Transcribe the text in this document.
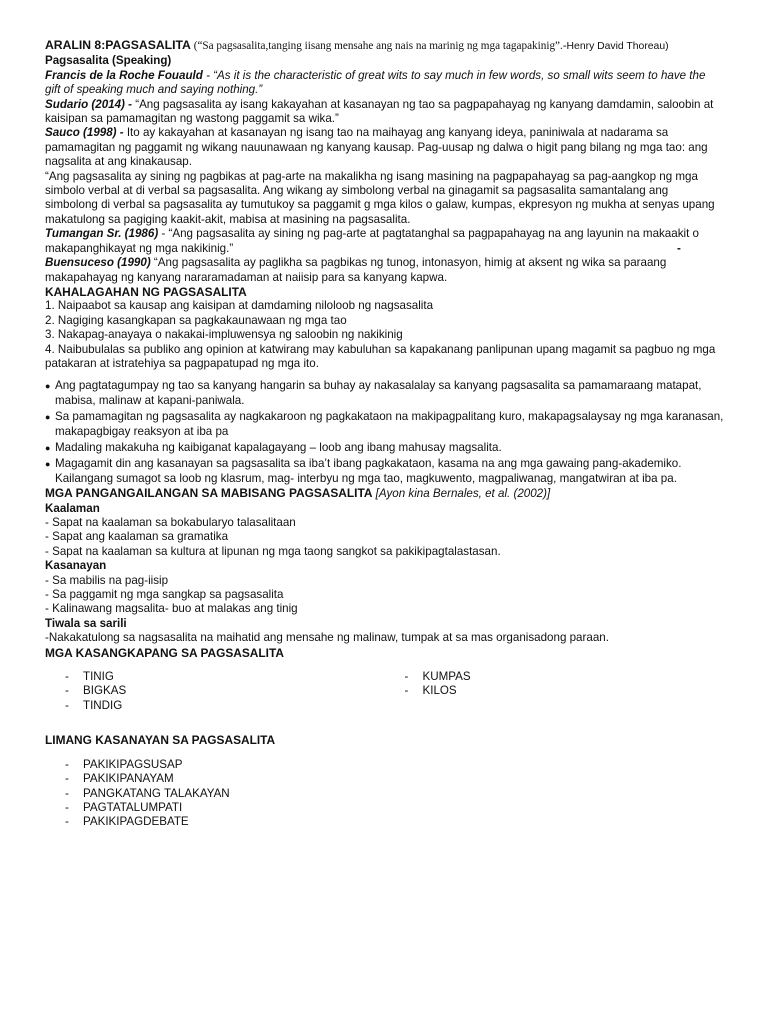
ARALIN 8:PAGSASALITA (“Sa pagsasalita,tanging iisang mensahe ang nais na marinig ng mga tagapakinig”.-Henry David Thoreau)
Pagsasalita (Speaking)
Francis de la Roche Fouauld - “As it is the characteristic of great wits to say much in few words, so small wits seem to have the gift of speaking much and saying nothing.”
Sudario (2014) - “Ang pagsasalita ay isang kakayahan at kasanayan ng tao sa pagpapahayag ng kanyang damdamin, saloobin at kaisipan sa pamamagitan ng wastong paggamit sa wika.”
Sauco (1998) - Ito ay kakayahan at kasanayan ng isang tao na maihayag ang kanyang ideya, paniniwala at nadarama sa pamamagitan ng paggamit ng wikang nauunawaan ng kanyang kausap. Pag-uusap ng dalwa o higit pang bilang ng mga tao: ang nagsalita at ang kinakausap.
“Ang pagsasalita ay sining ng pagbikas at pag-arte na makalikha ng isang masining na pagpapahayag sa pag-aangkop ng mga simbolo verbal at di verbal sa pagsasalita. Ang wikang ay simbolong verbal na ginagamit sa pagsasalita samantalang ang simbolong di verbal sa pagsasalita ay tumutukoy sa paggamit g mga kilos o galaw, kumpas, ekpresyon ng mukha at senyas upang makatulong sa pagiging kaakit-akit, mabisa at masining na pagsasalita.
Tumangan Sr. (1986) - “Ang pagsasalita ay sining ng pag-arte at pagtatanghal sa pagpapahayag na ang layunin na makaakit o makapanghikayat ng mga nakikinig.”	-
Buensuceso (1990) “Ang pagsasalita ay paglikha sa pagbikas ng tunog, intonasyon, himig at aksent ng wika sa paraang makapahayag ng kanyang nararamadaman at naiisip para sa kanyang kapwa.
KAHALAGAHAN NG PAGSASALITA
1. Naipaabot sa kausap ang kaisipan at damdaming niloloob ng nagsasalita
2. Nagiging kasangkapan sa pagkakaunawaan ng mga tao
3. Nakapag-anayaya o nakakai-impluwensya ng saloobin ng nakikinig
4. Naibubulalas sa publiko ang opinion at katwirang may kabuluhan sa kapakanang panlipunan upang magamit sa pagbuo ng mga patakaran at istratehiya sa pagpapatupad ng mga ito.
● Ang pagtatagumpay ng tao sa kanyang hangarin sa buhay ay nakasalalay sa kanyang pagsasalita sa pamamaraang matapat, mabisa, malinaw at kapani-paniwala.
● Sa pamamagitan ng pagsasalita ay nagkakaroon ng pagkakataon na makipagpalitang kuro, makapagsalaysay ng mga karanasan, makapagbigay reaksyon at iba pa
● Madaling makakuha ng kaibiganat kapalagayang – loob ang ibang mahusay magsalita.
● Magagamit din ang kasanayan sa pagsasalita sa iba’t ibang pagkakataon, kasama na ang mga gawaing pang-akademiko. Kailangang sumagot sa loob ng klasrum, mag- interbyu ng mga tao, magkuwento, magpaliwanag, mangatwiran at iba pa.
MGA PANGANGAILANGAN SA MABISANG PAGSASALITA [Ayon kina Bernales, et al. (2002)]
Kaalaman
- Sapat na kaalaman sa bokabularyo talasalitaan
- Sapat ang kaalaman sa gramatika
- Sapat na kaalaman sa kultura at lipunan ng mga taong sangkot sa pakikipagtalastasan.
Kasanayan
- Sa mabilis na pag-iisip
- Sa paggamit ng mga sangkap sa pagsasalita
- Kalinawang magsalita- buo at malakas ang tinig
Tiwala sa sarili
-Nakakatulong sa nagsasalita na maihatid ang mensahe ng malinaw, tumpak at sa mas organisadong paraan.
MGA KASANGKAPANG SA PAGSASALITA
-	TINIG
-	BIGKAS
-	TINDIG
-	KUMPAS
-	KILOS
LIMANG KASANAYAN SA PAGSASALITA
-	PAKIKIPAGSUSAP
-	PAKIKIPANAYAM
-	PANGKATANG TALAKAYAN
-	PAGTATALUMPATI
-	PAKIKIPAGDEBATE
